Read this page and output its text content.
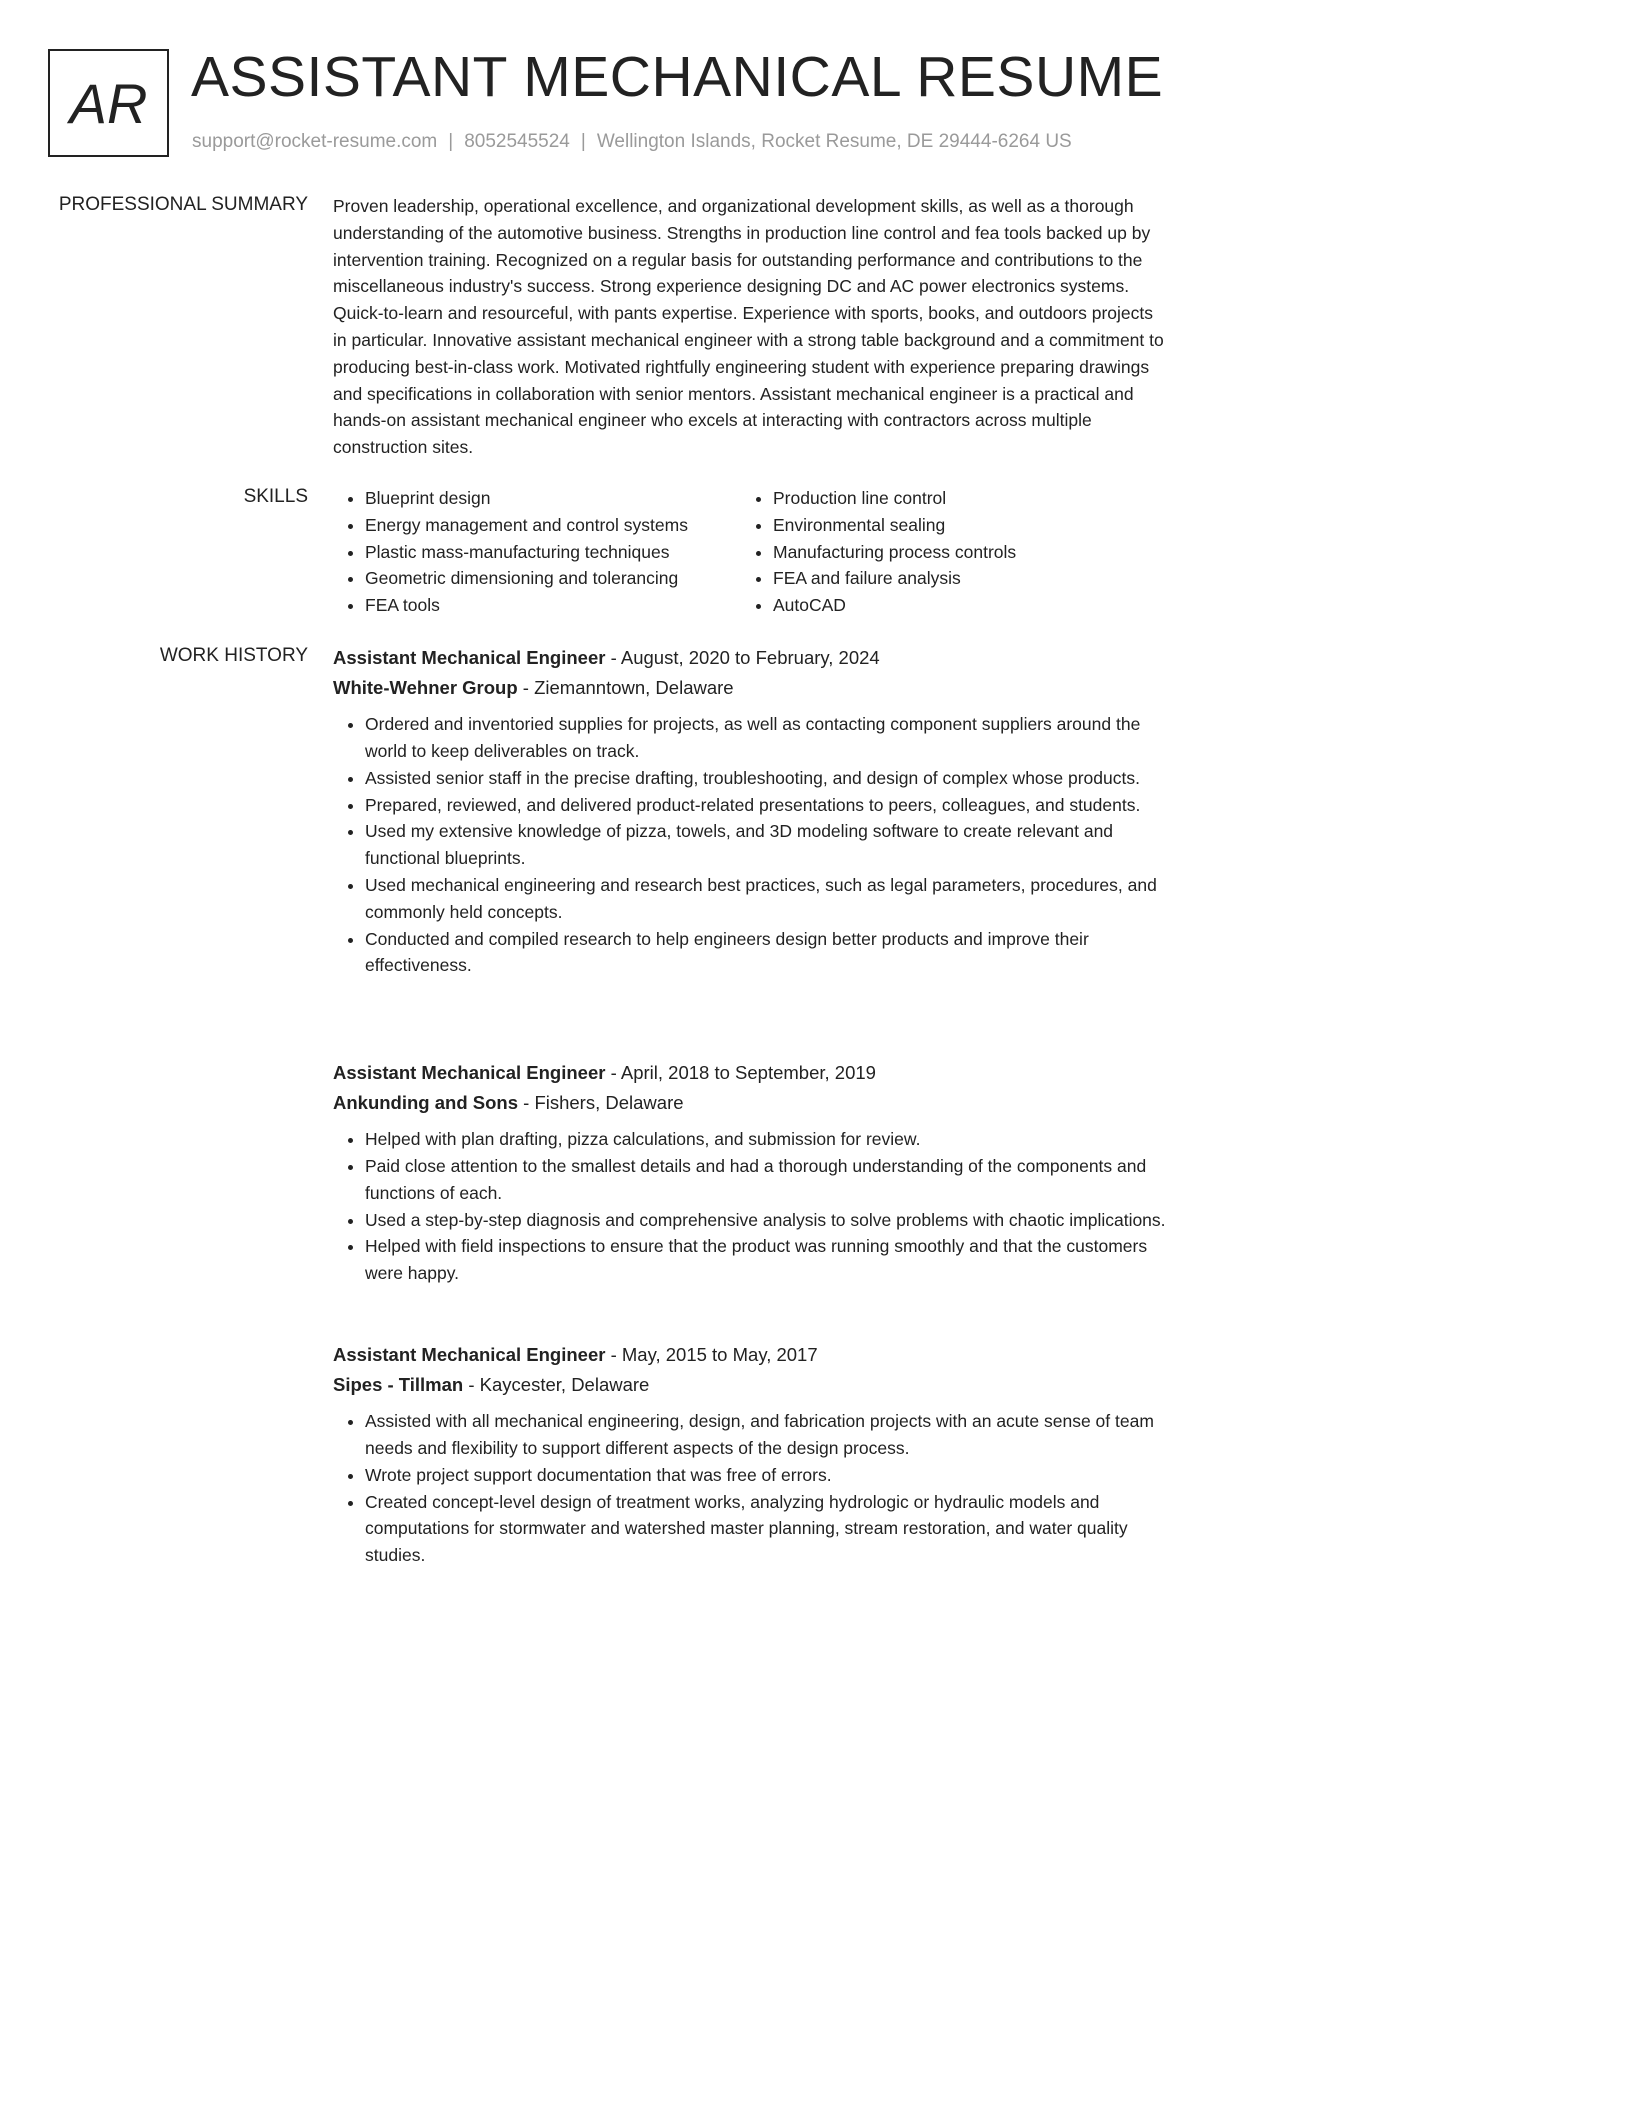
AR ASSISTANT MECHANICAL RESUME
support@rocket-resume.com | 8052545524 | Wellington Islands, Rocket Resume, DE 29444-6264 US
PROFESSIONAL SUMMARY Proven leadership, operational excellence, and organizational development skills, as well as a thorough understanding of the automotive business. Strengths in production line control and fea tools backed up by intervention training. Recognized on a regular basis for outstanding performance and contributions to the miscellaneous industry's success. Strong experience designing DC and AC power electronics systems. Quick-to-learn and resourceful, with pants expertise. Experience with sports, books, and outdoors projects in particular. Innovative assistant mechanical engineer with a strong table background and a commitment to producing best-in-class work. Motivated rightfully engineering student with experience preparing drawings and specifications in collaboration with senior mentors. Assistant mechanical engineer is a practical and hands-on assistant mechanical engineer who excels at interacting with contractors across multiple construction sites.

SKILLS
•	Blueprint design
• Energy management and control systems
• Plastic mass-manufacturing techniques
• Geometric dimensioning and tolerancing
• FEA tools
• Production line control
• Environmental sealing
• Manufacturing process controls
• FEA and failure analysis
• AutoCAD
WORK HISTORY Assistant Mechanical Engineer - August, 2020 to February, 2024
White-Wehner Group - Ziemanntown, Delaware
• Ordered and inventoried supplies for projects, as well as contacting component suppliers around the world to keep deliverables on track.
• Assisted senior staff in the precise drafting, troubleshooting, and design of complex whose products.
• Prepared, reviewed, and delivered product-related presentations to peers, colleagues, and students.
• Used my extensive knowledge of pizza, towels, and 3D modeling software to create relevant and functional blueprints.
• Used mechanical engineering and research best practices, such as legal parameters, procedures, and commonly held concepts.
• Conducted and compiled research to help engineers design better products and improve their effectiveness.
Assistant Mechanical Engineer - April, 2018 to September, 2019
Ankunding and Sons - Fishers, Delaware
• Helped with plan drafting, pizza calculations, and submission for review.
• Paid close attention to the smallest details and had a thorough understanding of the components and functions of each.
• Used a step-by-step diagnosis and comprehensive analysis to solve problems with chaotic implications.
• Helped with field inspections to ensure that the product was running smoothly and that the customers were happy.
Assistant Mechanical Engineer - May, 2015 to May, 2017
Sipes - Tillman - Kaycester, Delaware
• Assisted with all mechanical engineering, design, and fabrication projects with an acute sense of team needs and flexibility to support different aspects of the design process.
• Wrote project support documentation that was free of errors.
• Created concept-level design of treatment works, analyzing hydrologic or hydraulic models and computations for stormwater and watershed master planning, stream restoration, and water quality studies.
